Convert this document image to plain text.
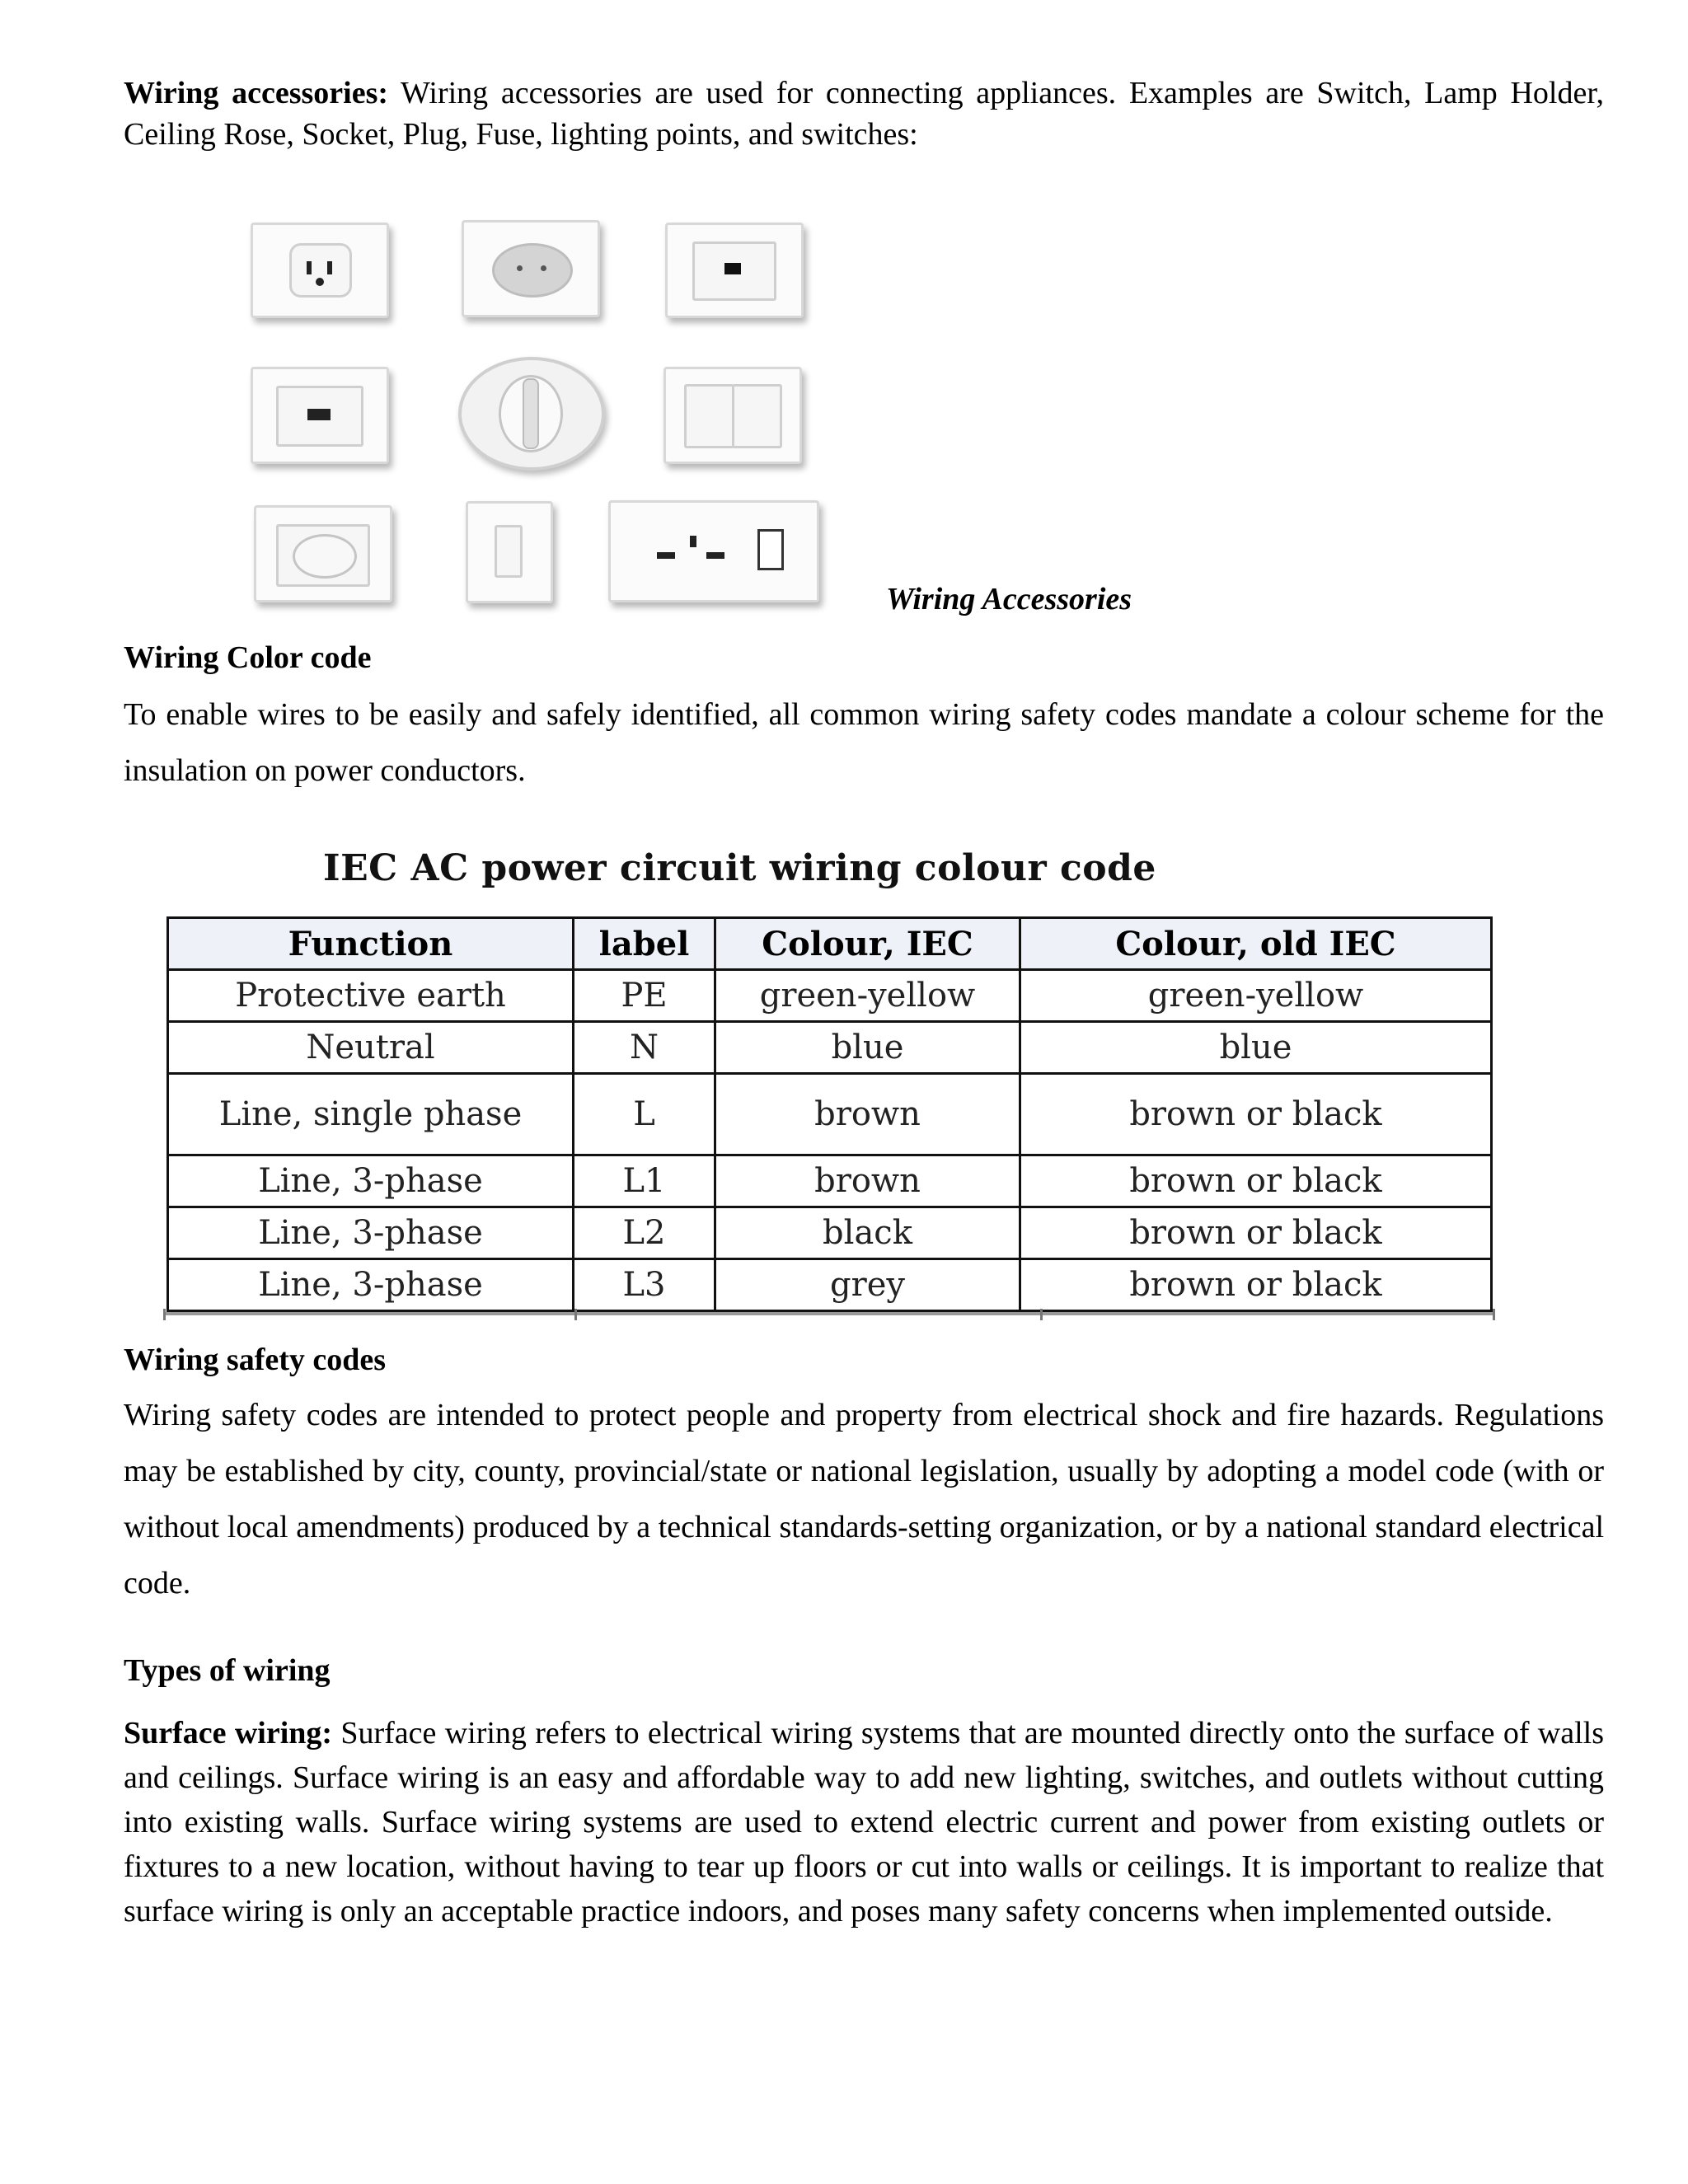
Wiring accessories: Wiring accessories are used for connecting appliances. Examples are Switch, Lamp Holder, Ceiling Rose, Socket, Plug, Fuse, lighting points, and switches:

Wiring Accessories
Wiring Color code

To enable wires to be easily and safely identified, all common wiring safety codes mandate a colour scheme for the insulation on power conductors.

IEC AC power circuit wiring colour code
Function	label	Colour, IEC	Colour, old IEC
Protective earth	PE	green-yellow	green-yellow
Neutral	N	blue	blue
Line, single phase	L	brown	brown or black
Line, 3-phase	L1	brown	brown or black
Line, 3-phase	L2	black	brown or black
Line, 3-phase	L3	grey	brown or black
Wiring safety codes

Wiring safety codes are intended to protect people and property from electrical shock and fire hazards. Regulations may be established by city, county, provincial/state or national legislation, usually by adopting a model code (with or without local amendments) produced by a technical standards-setting organization, or by a national standard electrical code.

Types of wiring

Surface wiring: Surface wiring refers to electrical wiring systems that are mounted directly onto the surface of walls and ceilings. Surface wiring is an easy and affordable way to add new lighting, switches, and outlets without cutting into existing walls. Surface wiring systems are used to extend electric current and power from existing outlets or fixtures to a new location, without having to tear up floors or cut into walls or ceilings. It is important to realize that surface wiring is only an acceptable practice indoors, and poses many safety concerns when implemented outside.
